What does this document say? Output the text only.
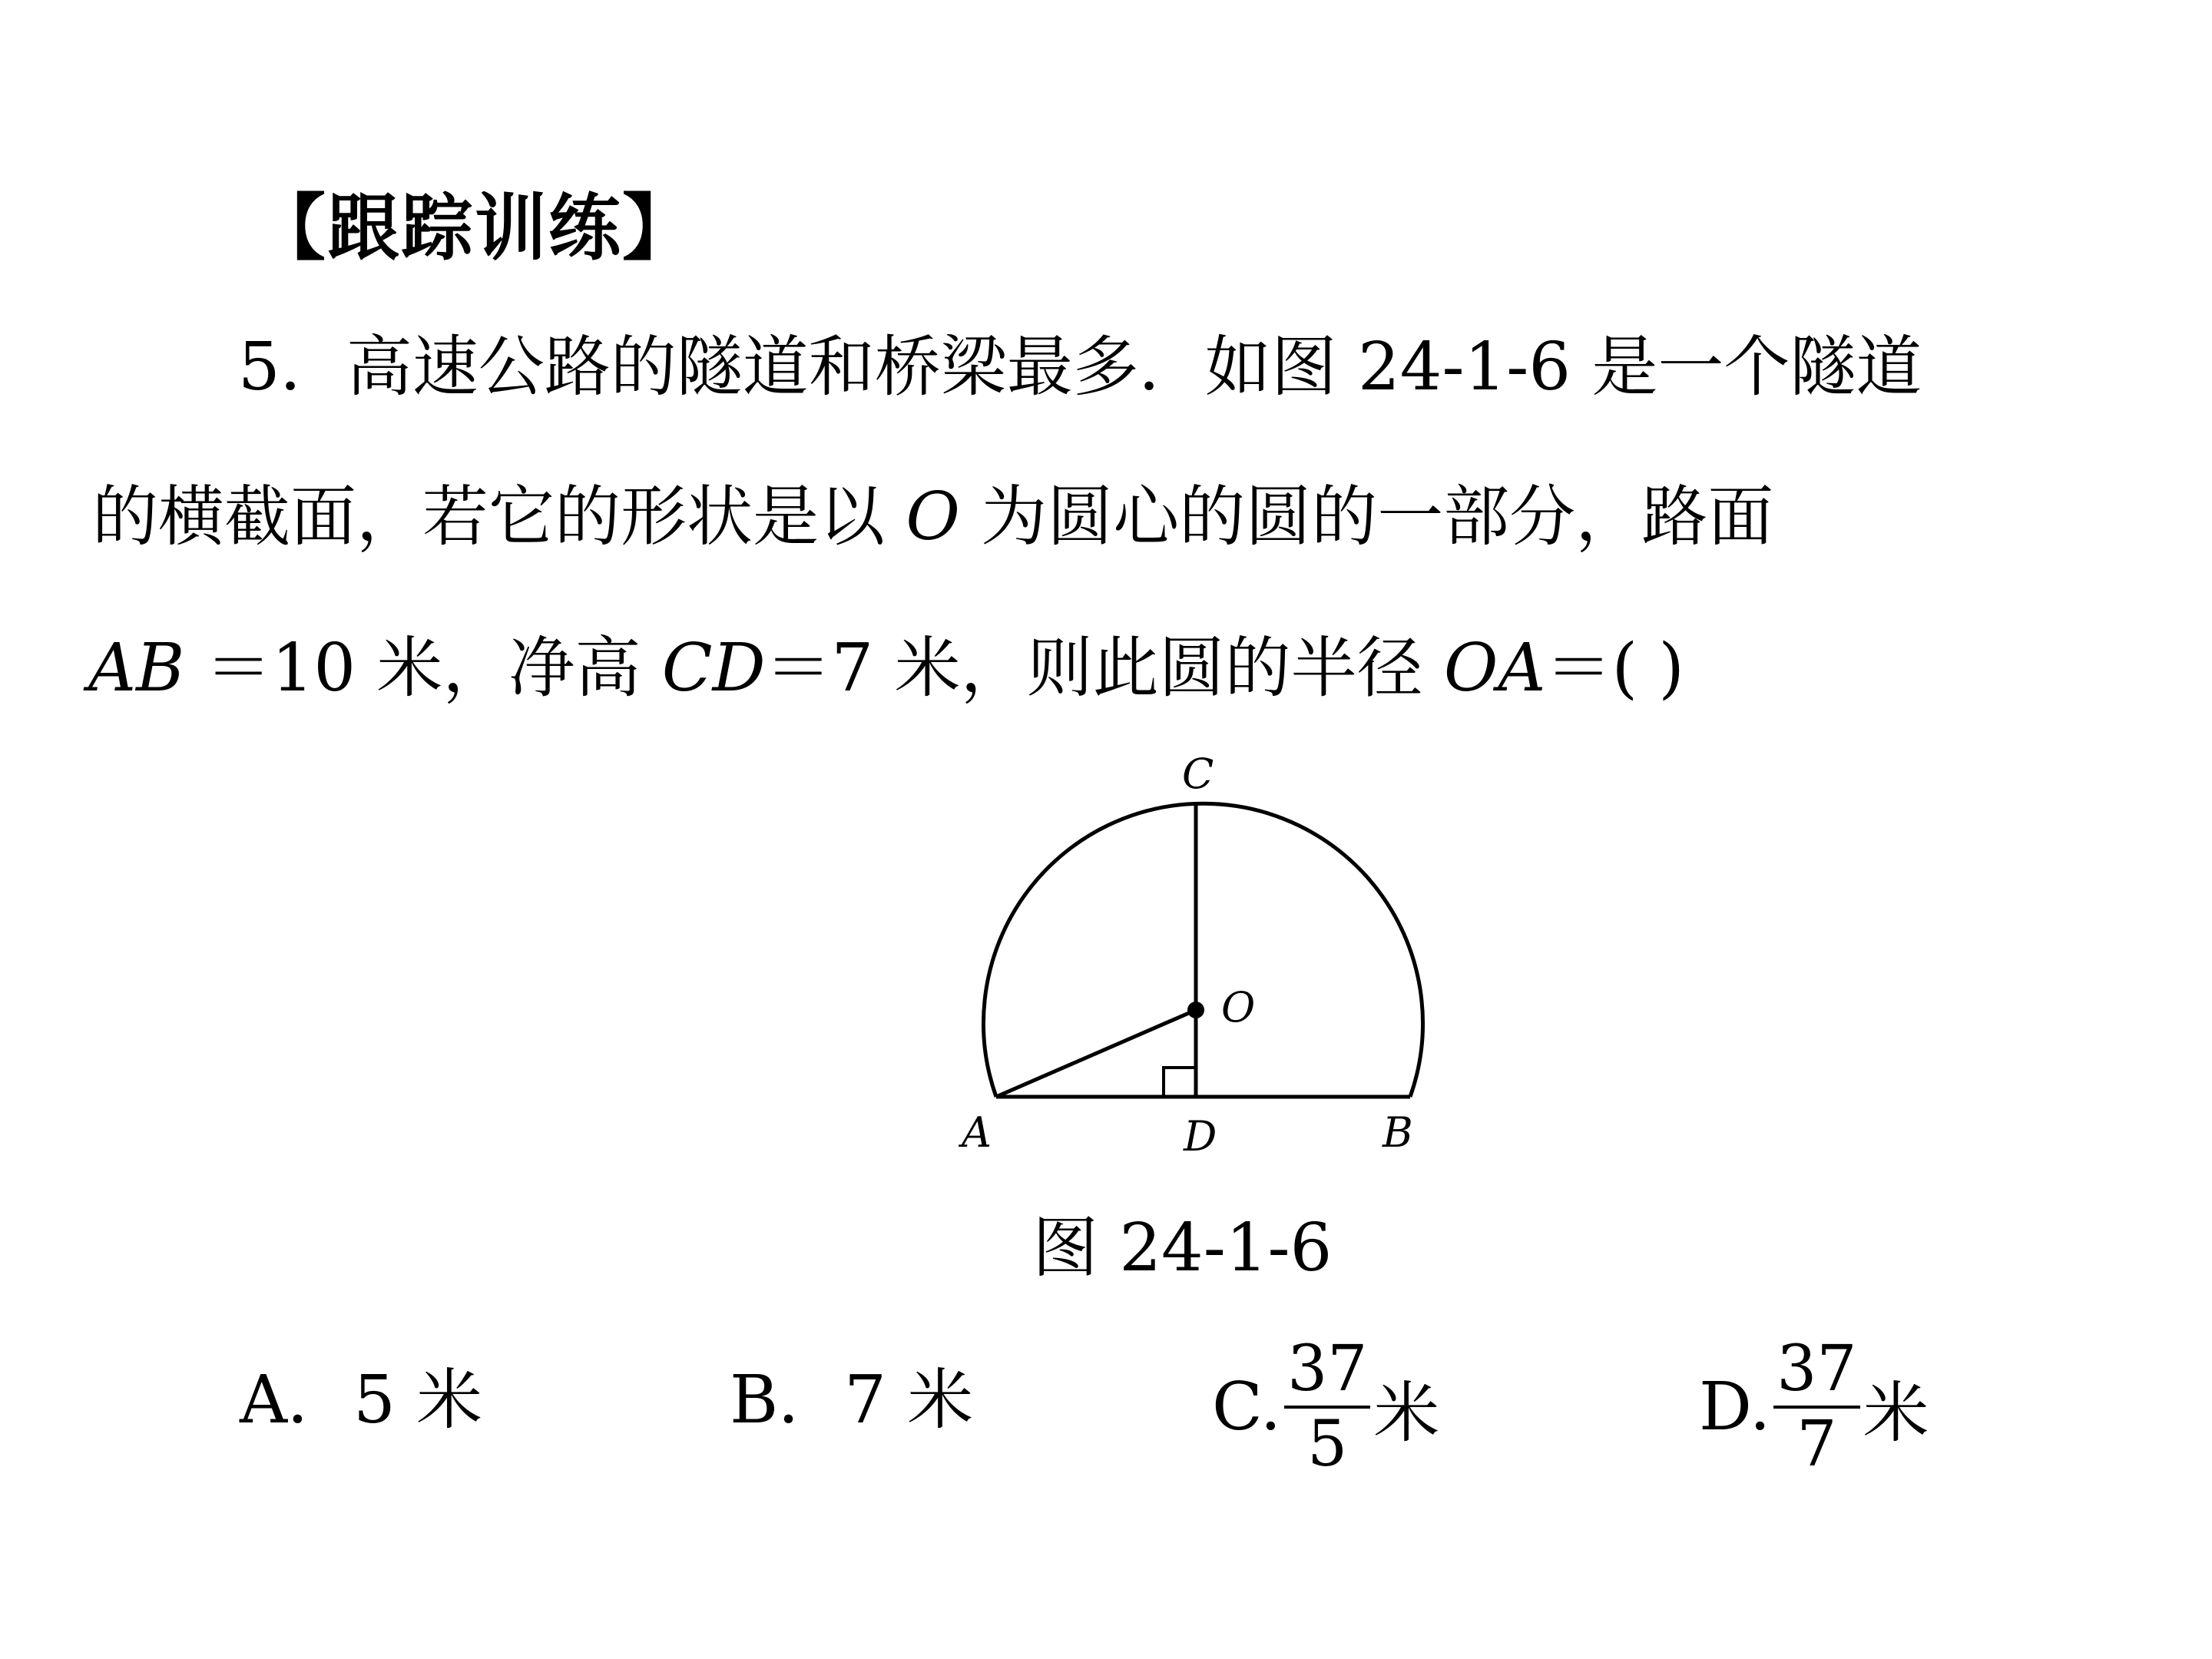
【跟踪训练】
5．高速公路的隧道和桥梁最多．如图 24-1-6 是一个隧道
的横截面，若它的形状是以 O 为圆心的圆的一部分，路面
AB ＝10 米，净高 CD＝7 米，则此圆的半径 OA＝( )
C
O
A	D	B
图 24-1-6
A．5 米	B．7 米	C. $\frac{37}{5}$ 米	D. $\frac{37}{7}$ 米
